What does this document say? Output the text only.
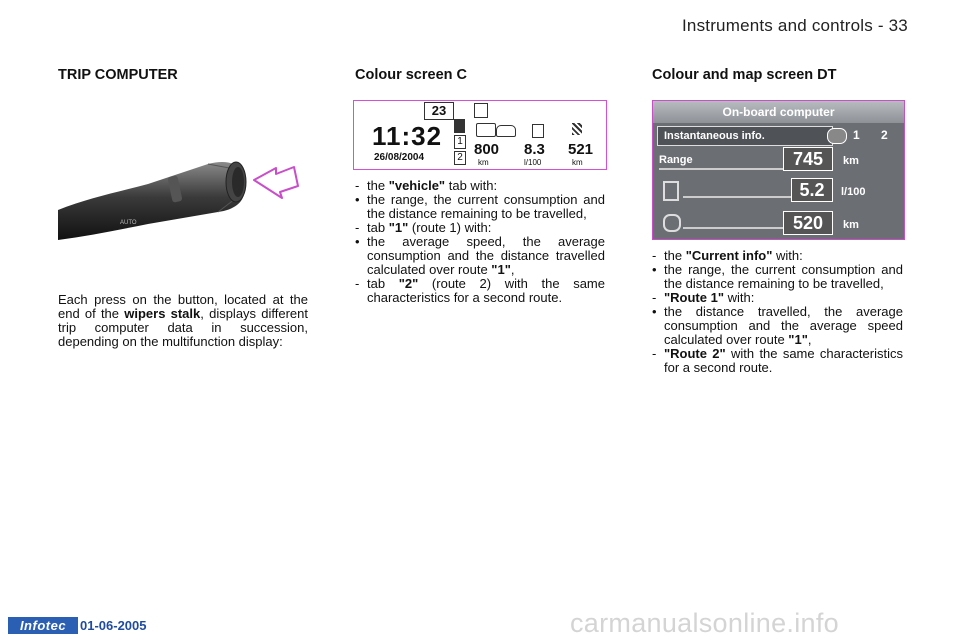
Instruments and controls - 33
TRIP COMPUTER
AUTO
Each press on the button, located at the end of the wipers stalk, displays different trip computer data in succession, depending on the multifunction display:
Colour screen C
23
11:32
26/08/2004
1
2 800 8.3 521
km	l/100	km
- the "vehicle" tab with:
• the range, the current consumption and the distance remaining to be travelled,
- tab "1" (route 1) with:
• the average speed, the average consumption and the distance travelled calculated over route "1",
- tab "2" (route 2) with the same characteristics for a second route.
Colour and map screen DT
On-board computer
Instantaneous info.	1 2
Range	745	km
5.2	l/100
520	km
- the "Current info" with:
• the range, the current consumption and the distance remaining to be travelled,
- "Route 1" with:
• the distance travelled, the average consumption and the average speed calculated over route "1",
- "Route 2" with the same characteristics for a second route.
Infotec	01-06-2005	carmanualsonline.info
